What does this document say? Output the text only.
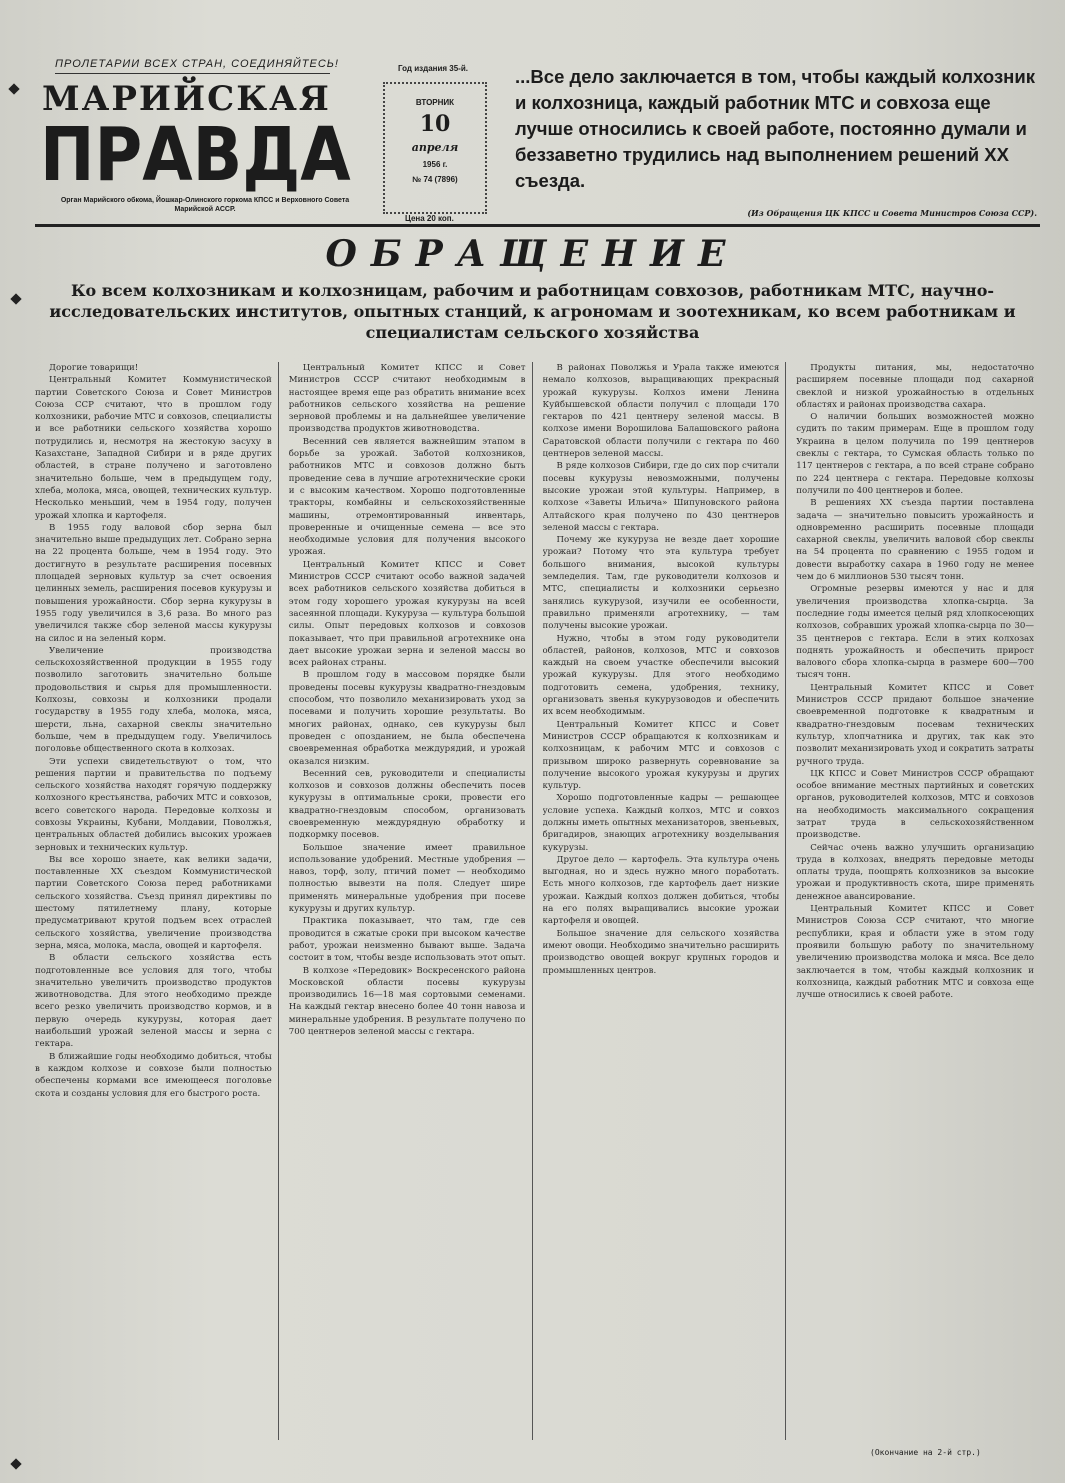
ПРОЛЕТАРИИ ВСЕХ СТРАН, СОЕДИНЯЙТЕСЬ!
МАРИЙСКАЯ
ПРАВДА
Орган Марийского обкома, Йошкар-Олинского горкома КПСС и Верховного Совета Марийской АССР.
Год издания 35-й.
ВТОРНИК
10
апреля
1956 г.
№ 74 (7896)
Цена 20 коп.
...Все дело заключается в том, чтобы каждый колхозник и колхозница, каждый работник МТС и совхоза еще лучше относились к своей работе, постоянно думали и беззаветно трудились над выполнением решений XX съезда.
(Из Обращения ЦК КПСС и Совета Министров Союза ССР).
ОБРАЩЕНИЕ
Ко всем колхозникам и колхозницам, рабочим и работницам совхозов, работникам МТС, научно-исследовательских институтов, опытных станций, к агрономам и зоотехникам, ко всем работникам и специалистам сельского хозяйства

Дорогие товарищи!

Центральный Комитет Коммунистической партии Советского Союза и Совет Министров Союза ССР считают, что в прошлом году колхозники, рабочие МТС и совхозов, специалисты и все работники сельского хозяйства хорошо потрудились и, несмотря на жестокую засуху в Казахстане, Западной Сибири и в ряде других областей, в стране получено и заготовлено значительно больше, чем в предыдущем году, хлеба, молока, мяса, овощей, технических культур. Несколько меньший, чем в 1954 году, получен урожай хлопка и картофеля.

В 1955 году валовой сбор зерна был значительно выше предыдущих лет. Собрано зерна на 22 процента больше, чем в 1954 году. Это достигнуто в результате расширения посевных площадей зерновых культур за счет освоения целинных земель, расширения посевов кукурузы и повышения урожайности. Сбор зерна кукурузы в 1955 году увеличился в 3,6 раза. Во много раз увеличился также сбор зеленой массы кукурузы на силос и на зеленый корм.

Увеличение производства сельскохозяйственной продукции в 1955 году позволило заготовить значительно больше продовольствия и сырья для промышленности. Колхозы, совхозы и колхозники продали государству в 1955 году хлеба, молока, мяса, шерсти, льна, сахарной свеклы значительно больше, чем в предыдущем году. Увеличилось поголовье общественного скота в колхозах.

Эти успехи свидетельствуют о том, что решения партии и правительства по подъему сельского хозяйства находят горячую поддержку колхозного крестьянства, рабочих МТС и совхозов, всего советского народа. Передовые колхозы и совхозы Украины, Кубани, Молдавии, Поволжья, центральных областей добились высоких урожаев зерновых и технических культур.

Вы все хорошо знаете, как велики задачи, поставленные XX съездом Коммунистической партии Советского Союза перед работниками сельского хозяйства. Съезд принял директивы по шестому пятилетнему плану, которые предусматривают крутой подъем всех отраслей сельского хозяйства, увеличение производства зерна, мяса, молока, масла, овощей и картофеля.

В области сельского хозяйства есть подготовленные все условия для того, чтобы значительно увеличить производство продуктов животноводства. Для этого необходимо прежде всего резко увеличить производство кормов, и в первую очередь кукурузы, которая дает наибольший урожай зеленой массы и зерна с гектара.

В ближайшие годы необходимо добиться, чтобы в каждом колхозе и совхозе были полностью обеспечены кормами все имеющееся поголовье скота и созданы условия для его быстрого роста.

Центральный Комитет КПСС и Совет Министров СССР считают необходимым в настоящее время еще раз обратить внимание всех работников сельского хозяйства на решение зерновой проблемы и на дальнейшее увеличение производства продуктов животноводства.

Весенний сев является важнейшим этапом в борьбе за урожай. Заботой колхозников, работников МТС и совхозов должно быть проведение сева в лучшие агротехнические сроки и с высоким качеством. Хорошо подготовленные тракторы, комбайны и сельскохозяйственные машины, отремонтированный инвентарь, проверенные и очищенные семена — все это необходимые условия для получения высокого урожая.

Центральный Комитет КПСС и Совет Министров СССР считают особо важной задачей всех работников сельского хозяйства добиться в этом году хорошего урожая кукурузы на всей засеянной площади. Кукуруза — культура большой силы. Опыт передовых колхозов и совхозов показывает, что при правильной агротехнике она дает высокие урожаи зерна и зеленой массы во всех районах страны.

В прошлом году в массовом порядке были проведены посевы кукурузы квадратно-гнездовым способом, что позволило механизировать уход за посевами и получить хорошие результаты. Во многих районах, однако, сев кукурузы был проведен с опозданием, не была обеспечена своевременная обработка междурядий, и урожай оказался низким.

Весенний сев, руководители и специалисты колхозов и совхозов должны обеспечить посев кукурузы в оптимальные сроки, провести его квадратно-гнездовым способом, организовать своевременную междурядную обработку и подкормку посевов.

Большое значение имеет правильное использование удобрений. Местные удобрения — навоз, торф, золу, птичий помет — необходимо полностью вывезти на поля. Следует шире применять минеральные удобрения при посеве кукурузы и других культур.

Практика показывает, что там, где сев проводится в сжатые сроки при высоком качестве работ, урожаи неизменно бывают выше. Задача состоит в том, чтобы везде использовать этот опыт.

В колхозе «Передовик» Воскресенского района Московской области посевы кукурузы производились 16—18 мая сортовыми семенами. На каждый гектар внесено более 40 тонн навоза и минеральные удобрения. В результате получено по 700 центнеров зеленой массы с гектара.

В районах Поволжья и Урала также имеются немало колхозов, выращивающих прекрасный урожай кукурузы. Колхоз имени Ленина Куйбышевской области получил с площади 170 гектаров по 421 центнеру зеленой массы. В колхозе имени Ворошилова Балашовского района Саратовской области получили с гектара по 460 центнеров зеленой массы.

В ряде колхозов Сибири, где до сих пор считали посевы кукурузы невозможными, получены высокие урожаи этой культуры. Например, в колхозе «Заветы Ильича» Шипуновского района Алтайского края получено по 430 центнеров зеленой массы с гектара.

Почему же кукуруза не везде дает хорошие урожаи? Потому что эта культура требует большого внимания, высокой культуры земледелия. Там, где руководители колхозов и МТС, специалисты и колхозники серьезно занялись кукурузой, изучили ее особенности, правильно применяли агротехнику, — там получены высокие урожаи.

Нужно, чтобы в этом году руководители областей, районов, колхозов, МТС и совхозов каждый на своем участке обеспечили высокий урожай кукурузы. Для этого необходимо подготовить семена, удобрения, технику, организовать звенья кукурузоводов и обеспечить их всем необходимым.

Центральный Комитет КПСС и Совет Министров СССР обращаются к колхозникам и колхозницам, к рабочим МТС и совхозов с призывом широко развернуть соревнование за получение высокого урожая кукурузы и других культур.

Хорошо подготовленные кадры — решающее условие успеха. Каждый колхоз, МТС и совхоз должны иметь опытных механизаторов, звеньевых, бригадиров, знающих агротехнику возделывания кукурузы.

Другое дело — картофель. Эта культура очень выгодная, но и здесь нужно много поработать. Есть много колхозов, где картофель дает низкие урожаи. Каждый колхоз должен добиться, чтобы на его полях выращивались высокие урожаи картофеля и овощей.

Большое значение для сельского хозяйства имеют овощи. Необходимо значительно расширить производство овощей вокруг крупных городов и промышленных центров.

Продукты питания, мы, недостаточно расширяем посевные площади под сахарной свеклой и низкой урожайностью в отдельных областях и районах производства сахара.

О наличии больших возможностей можно судить по таким примерам. Еще в прошлом году Украина в целом получила по 199 центнеров свеклы с гектара, то Сумская область только по 117 центнеров с гектара, а по всей стране собрано по 224 центнера с гектара. Передовые колхозы получили по 400 центнеров и более.

В решениях XX съезда партии поставлена задача — значительно повысить урожайность и одновременно расширить посевные площади сахарной свеклы, увеличить валовой сбор свеклы на 54 процента по сравнению с 1955 годом и довести выработку сахара в 1960 году не менее чем до 6 миллионов 530 тысяч тонн.

Огромные резервы имеются у нас и для увеличения производства хлопка-сырца. За последние годы имеется целый ряд хлопкосеющих колхозов, собравших урожай хлопка-сырца по 30—35 центнеров с гектара. Если в этих колхозах поднять урожайность и обеспечить прирост валового сбора хлопка-сырца в размере 600—700 тысяч тонн.

Центральный Комитет КПСС и Совет Министров СССР придают большое значение своевременной подготовке к квадратным и квадратно-гнездовым посевам технических культур, хлопчатника и других, так как это позволит механизировать уход и сократить затраты ручного труда.

ЦК КПСС и Совет Министров СССР обращают особое внимание местных партийных и советских органов, руководителей колхозов, МТС и совхозов на необходимость максимального сокращения затрат труда в сельскохозяйственном производстве.

Сейчас очень важно улучшить организацию труда в колхозах, внедрять передовые методы оплаты труда, поощрять колхозников за высокие урожаи и продуктивность скота, шире применять денежное авансирование.

Центральный Комитет КПСС и Совет Министров Союза ССР считают, что многие республики, края и области уже в этом году проявили большую работу по значительному увеличению производства молока и мяса. Все дело заключается в том, чтобы каждый колхозник и колхозница, каждый работник МТС и совхоза еще лучше относились к своей работе.

(Окончание на 2-й стр.)
